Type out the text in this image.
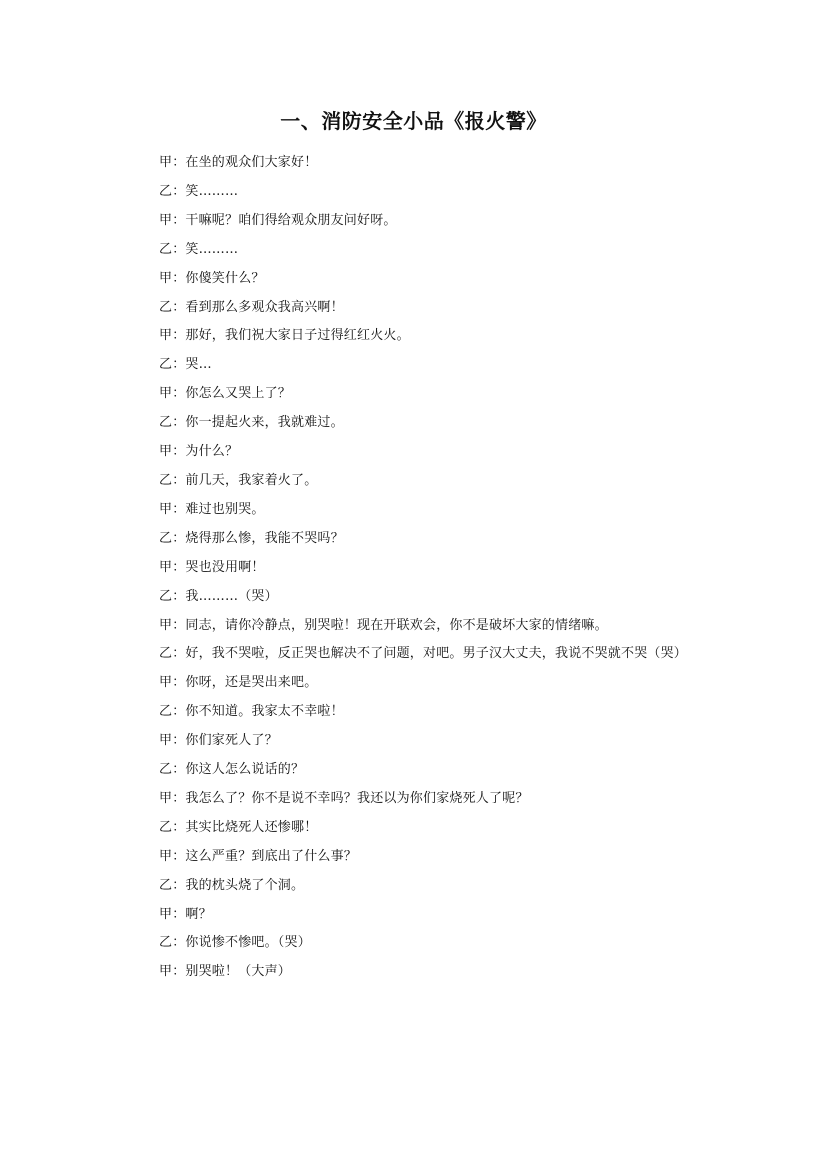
一、消防安全小品《报火警》

甲：在坐的观众们大家好！

乙：笑………

甲：干嘛呢？咱们得给观众朋友问好呀。

乙：笑………

甲：你傻笑什么？

乙：看到那么多观众我高兴啊！

甲：那好，我们祝大家日子过得红红火火。

乙：哭…

甲：你怎么又哭上了？

乙：你一提起火来，我就难过。

甲：为什么？

乙：前几天，我家着火了。

甲：难过也别哭。

乙：烧得那么惨，我能不哭吗？

甲：哭也没用啊！

乙：我………（哭）

甲：同志，请你冷静点，别哭啦！现在开联欢会，你不是破坏大家的情绪嘛。

乙：好，我不哭啦，反正哭也解决不了问题，对吧。男子汉大丈夫，我说不哭就不哭（哭）

甲：你呀，还是哭出来吧。

乙：你不知道。我家太不幸啦！

甲：你们家死人了？

乙：你这人怎么说话的？

甲：我怎么了？你不是说不幸吗？我还以为你们家烧死人了呢？

乙：其实比烧死人还惨哪！

甲：这么严重？到底出了什么事？

乙：我的枕头烧了个洞。

甲：啊？

乙：你说惨不惨吧。（哭）

甲：别哭啦！（大声）
